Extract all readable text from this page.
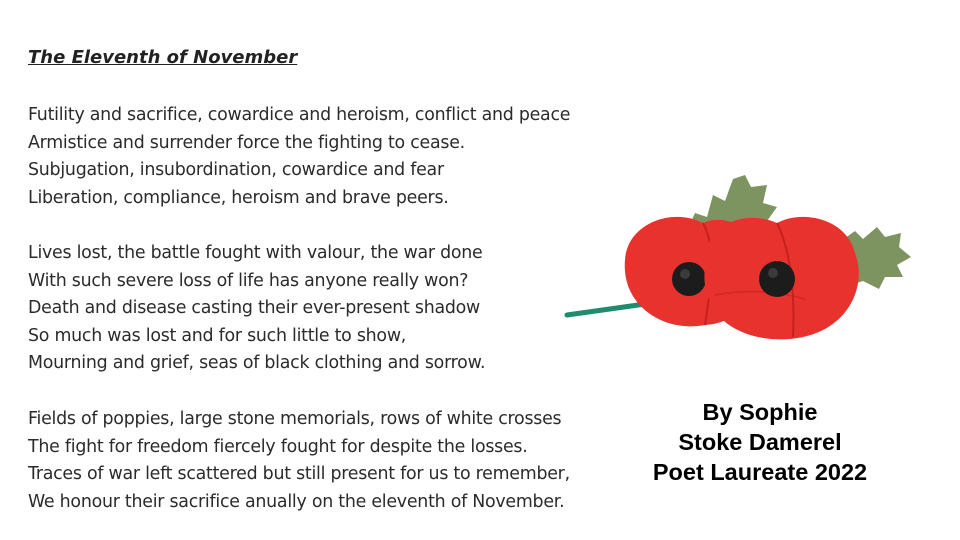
The Eleventh of November
Futility and sacrifice, cowardice and heroism, conflict and peace
Armistice and surrender force the fighting to cease.
Subjugation, insubordination, cowardice and fear
Liberation, compliance, heroism and brave peers.
Lives lost, the battle fought with valour, the war done
With such severe loss of life has anyone really won?
Death and disease casting their ever-present shadow
So much was lost and for such little to show,
Mourning and grief, seas of black clothing and sorrow.
Fields of poppies, large stone memorials, rows of white crosses
The fight for freedom fiercely fought for despite the losses.
Traces of war left scattered but still present for us to remember,
We honour their sacrifice anually on the eleventh of November.
By Sophie
Stoke Damerel
Poet Laureate 2022
